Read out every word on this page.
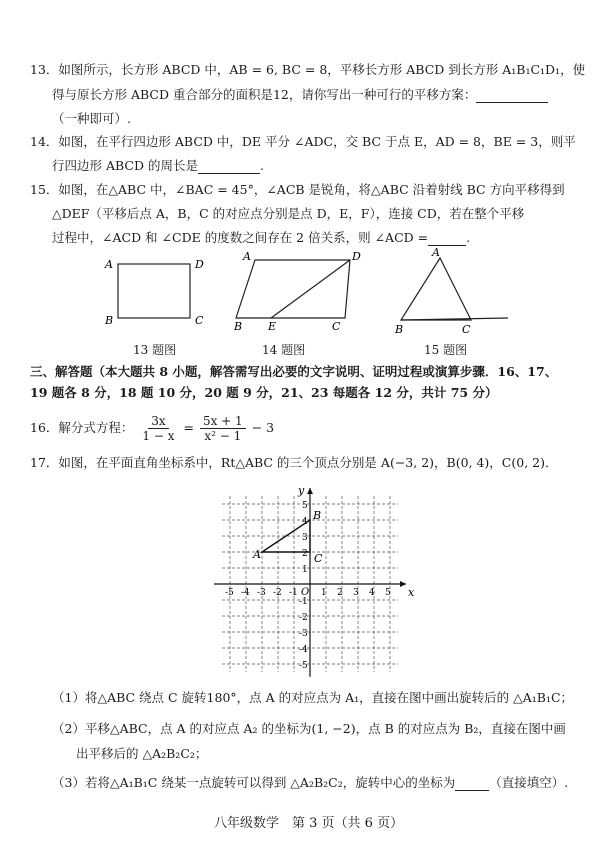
13．如图所示，长方形 ABCD 中，AB = 6, BC = 8，平移长方形 ABCD 到长方形 A₁B₁C₁D₁，使
得与原长方形 ABCD 重合部分的面积是12，请你写出一种可行的平移方案：
（一种即可）.
14．如图，在平行四边形 ABCD 中，DE 平分 ∠ADC，交 BC 于点 E，AD = 8，BE = 3，则平
行四边形 ABCD 的周长是	.
15．如图，在△ABC 中，∠BAC = 45°，∠ACB 是锐角，将△ABC 沿着射线 BC 方向平移得到
△DEF（平移后点 A，B，C 的对应点分别是点 D，E，F），连接 CD，若在整个平移
过程中，∠ACD 和 ∠CDE 的度数之间存在 2 倍关系，则 ∠ACD =	.
A	D
B	C
A	D
B E	C
A
B	C
13 题图	14 题图	15 题图
三、解答题（本大题共 8 小题，解答需写出必要的文字说明、证明过程或演算步骤．16、17、
19 题各 8 分，18 题 10 分，20 题 9 分，21、23 每题各 12 分，共计 75 分）
16．解分式方程： $\frac{3x}{1 - x} = \frac{5x + 1}{\text{x² − 1}} - 3$
17．如图，在平面直角坐标系中，Rt△ABC 的三个顶点分别是 A(−3, 2)，B(0, 4)，C(0, 2)．
x
y
-5 -4 -3 -2 -1	1 2 3 4 5
5
4
3
2
1
-1
-2
-3
-4
-5
O
A
B
C
（1）将△ABC 绕点 C 旋转180°，点 A 的对应点为 A₁，直接在图中画出旋转后的 △A₁B₁C；
（2）平移△ABC，点 A 的对应点 A₂ 的坐标为(1, −2)，点 B 的对应点为 B₂，直接在图中画
出平移后的 △A₂B₂C₂；
（3）若将△A₁B₁C 绕某一点旋转可以得到 △A₂B₂C₂，旋转中心的坐标为	（直接填空）.
八年级数学　第 3 页（共 6 页）
